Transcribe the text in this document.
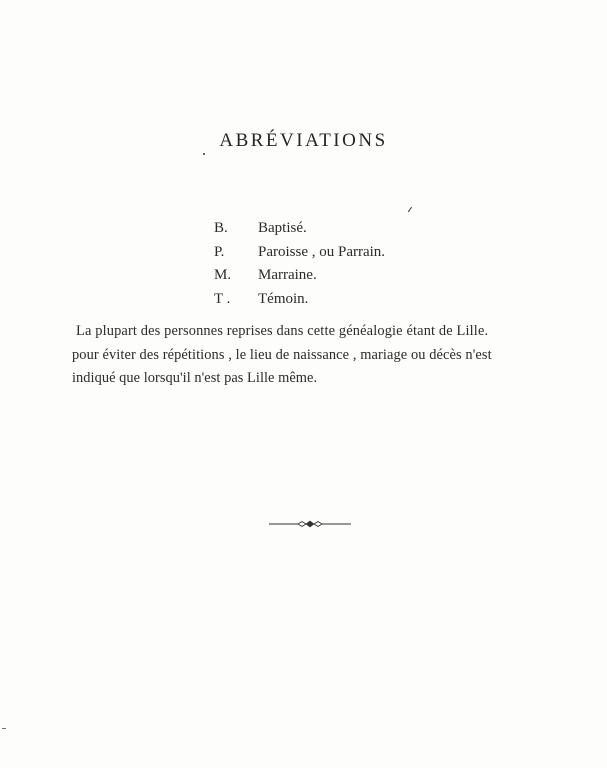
ABRÉVIATIONS
B. Baptisé.
P. Paroisse , ou Parrain.
M. Marraine.
T . Témoin.

La plupart des personnes reprises dans cette généalogie étant de Lille.
pour éviter des répétitions , le lieu de naissance , mariage ou décès n'est
indiqué que lorsqu'il n'est pas Lille même.
